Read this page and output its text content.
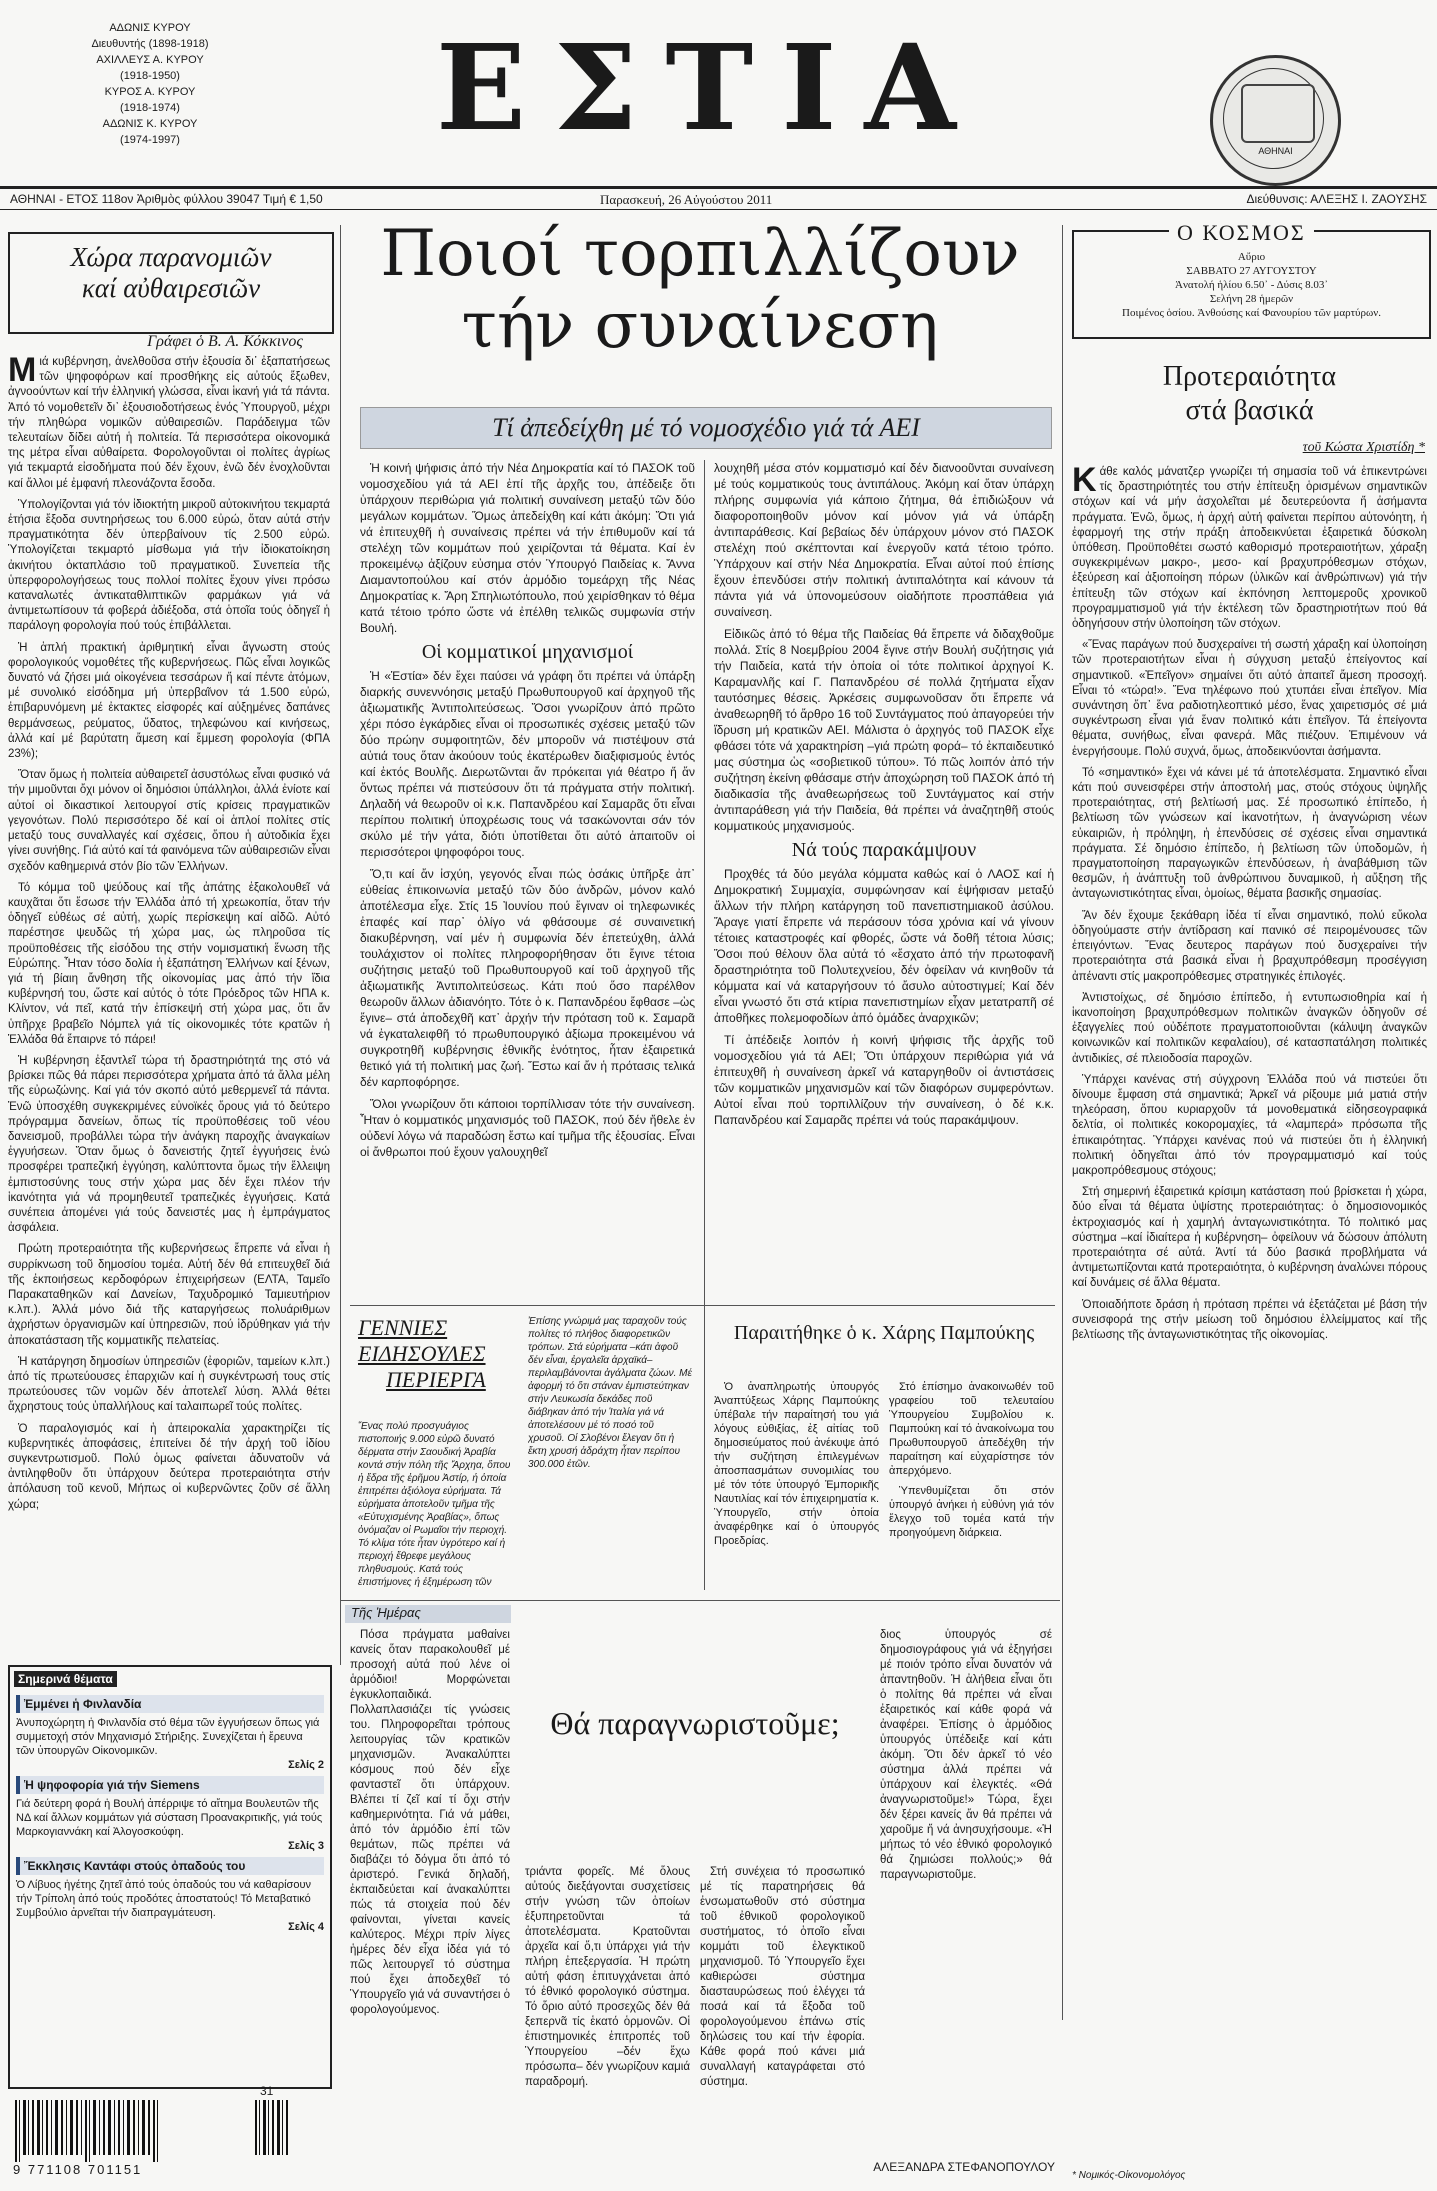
ΑΔΩΝΙΣ ΚΥΡΟΥ
Διευθυντής (1898-1918)
ΑΧΙΛΛΕΥΣ Α. ΚΥΡΟΥ
(1918-1950)
ΚΥΡΟΣ Α. ΚΥΡΟΥ
(1918-1974)
ΑΔΩΝΙΣ Κ. ΚΥΡΟΥ
(1974-1997)	ΕΣΤΙΑ	ΑΘΗΝΑΙ
ΑΘΗΝΑΙ - ΕΤΟΣ 118ον Ἀριθμὸς φύλλου 39047 Τιμή € 1,50	Παρασκευή, 26 Αὐγούστου 2011	Διεύθυνσις: ΑΛΕΞΗΣ Ι. ΖΑΟΥΣΗΣ
Χώρα παρανομιῶν
καί αὐθαιρεσιῶν
Γράφει ὁ Β. Α. Κόκκινος

Μιά κυβέρνηση, ἀνελθοῦσα στήν ἐξουσία δι᾽ ἐξαπατήσεως τῶν ψηφοφόρων καί προσθήκης εἰς αὐτούς ἔξωθεν, ἀγνοούντων καί τήν ἑλληνική γλώσσα, εἶναι ἱκανή γιά τά πάντα. Ἀπό τό νομοθετεῖν δι᾽ ἐξουσιοδοτήσεως ἑνός Ὑπουργοῦ, μέχρι τήν πληθώρα νομικῶν αὐθαιρεσιῶν. Παράδειγμα τῶν τελευταίων δίδει αὐτή ἡ πολιτεία. Τά περισσότερα οἰκονομικά της μέτρα εἶναι αὐθαίρετα. Φορολογοῦνται οἱ πολίτες ἀγρίως γιά τεκμαρτά εἰσοδήματα πού δέν ἔχουν, ἐνῶ δέν ἐνοχλοῦνται καί ἄλλοι μέ ἐμφανή πλεονάζοντα ἔσοδα.

Ὑπολογίζονται γιά τόν ἰδιοκτήτη μικροῦ αὐτοκινήτου τεκμαρτά ἐτήσια ἔξοδα συντηρήσεως του 6.000 εὐρώ, ὅταν αὐτά στήν πραγματικότητα δέν ὑπερβαίνουν τίς 2.500 εὐρώ. Ὑπολογίζεται τεκμαρτό μίσθωμα γιά τήν ἰδιοκατοίκηση ἀκινήτου ὀκταπλάσιο τοῦ πραγματικοῦ. Συνεπεία τῆς ὑπερφορολογήσεως τους πολλοί πολίτες ἔχουν γίνει πρόσω καταναλωτές ἀντικαταθλιπτικῶν φαρμάκων γιά νά ἀντιμετωπίσουν τά φοβερά ἀδιέξοδα, στά ὁποῖα τούς ὁδηγεῖ ἡ παράλογη φορολογία πού τούς ἐπιβάλλεται.

Ἡ ἁπλή πρακτική ἀριθμητική εἶναι ἄγνωστη στούς φορολογικούς νομοθέτες τῆς κυβερνήσεως. Πῶς εἶναι λογικῶς δυνατό νά ζήσει μιά οἰκογένεια τεσσάρων ἤ καί πέντε ἀτόμων, μέ συνολικό εἰσόδημα μή ὑπερβαῖνον τά 1.500 εὐρώ, ἐπιβαρυνόμενη μέ ἐκτακτες εἰσφορές καί αὐξημένες δαπάνες θερμάνσεως, ρεύματος, ὕδατος, τηλεφώνου καί κινήσεως, ἀλλά καί μέ βαρύτατη ἄμεση καί ἔμμεση φορολογία (ΦΠΑ 23%);

Ὅταν ὅμως ἡ πολιτεία αὐθαιρετεῖ ἀσυστόλως εἶναι φυσικό νά τήν μιμοῦνται ὄχι μόνον οἱ δημόσιοι ὑπάλληλοι, ἀλλά ἐνίοτε καί αὐτοί οἱ δικαστικοί λειτουργοί στίς κρίσεις πραγματικῶν γεγονότων. Πολύ περισσότερο δέ καί οἱ ἁπλοί πολίτες στίς μεταξύ τους συναλλαγές καί σχέσεις, ὅπου ἡ αὐτοδικία ἔχει γίνει συνήθης. Γιά αὐτό καί τά φαινόμενα τῶν αὐθαιρεσιῶν εἶναι σχεδόν καθημερινά στόν βίο τῶν Ἑλλήνων.

Τό κόμμα τοῦ ψεύδους καί τῆς ἀπάτης ἐξακολουθεῖ νά καυχᾶται ὅτι ἔσωσε τήν Ἑλλάδα ἀπό τή χρεωκοπία, ὅταν τήν ὁδηγεῖ εὐθέως σέ αὐτή, χωρίς περίσκεψη καί αἰδῶ. Αὐτό παρέστησε ψευδῶς τή χώρα μας, ὡς πληροῦσα τίς προϋποθέσεις τῆς εἰσόδου της στήν νομισματική ἕνωση τῆς Εὐρώπης. Ἦταν τόσο δολία ἡ ἐξαπάτηση Ἑλλήνων καί ξένων, γιά τή βίαιη ἄνθηση τῆς οἰκονομίας μας ἀπό τήν ἴδια κυβέρνησή του, ὥστε καί αὐτός ὁ τότε Πρόεδρος τῶν ΗΠΑ κ. Κλίντον, νά πεῖ, κατά τήν ἐπίσκεψή στή χώρα μας, ὅτι ἄν ὑπῆρχε βραβεῖο Νόμπελ γιά τίς οἰκονομικές τότε κρατῶν ἡ Ἑλλάδα θά ἔπαιρνε τό πάρει!

Ἡ κυβέρνηση ἐξαντλεῖ τώρα τή δραστηριότητά της στό νά βρίσκει πῶς θά πάρει περισσότερα χρήματα ἀπό τά ἄλλα μέλη τῆς εὐρωζώνης. Καί γιά τόν σκοπό αὐτό μεθερμενεῖ τά πάντα. Ἐνῶ ὑποσχέθη συγκεκριμένες εὐνοϊκές ὅρους γιά τό δεύτερο πρόγραμμα δανείων, ὅπως τίς προϋποθέσεις τοῦ νέου δανεισμοῦ, προβάλλει τώρα τήν ἀνάγκη παροχῆς ἀναγκαίων ἐγγυήσεων. Ὅταν ὅμως ὁ δανειστής ζητεῖ ἐγγυήσεις ἐνώ προσφέρει τραπεζική ἐγγύηση, καλύπτοντα ὅμως τήν ἔλλειψη ἐμπιστοσύνης τους στήν χώρα μας δέν ἔχει πλέον τήν ἱκανότητα γιά νά προμηθευτεῖ τραπεζικές ἐγγυήσεις. Κατά συνέπεια ἀπομένει γιά τούς δανειστές μας ἡ ἐμπράγματος ἀσφάλεια.

Πρώτη προτεραιότητα τῆς κυβερνήσεως ἔπρεπε νά εἶναι ἡ συρρίκνωση τοῦ δημοσίου τομέα. Αὐτή δέν θά επιτευχθεῖ διά τῆς ἐκποιήσεως κερδοφόρων ἐπιχειρήσεων (ΕΛΤΑ, Ταμεῖο Παρακαταθηκῶν καί Δανείων, Ταχυδρομικό Ταμιευτήριον κ.λπ.). Ἀλλά μόνο διά τῆς καταργήσεως πολυάριθμων ἀχρήστων ὀργανισμῶν καί ὑπηρεσιῶν, πού ἱδρύθηκαν γιά τήν ἀποκατάσταση τῆς κομματικῆς πελατείας.

Ἡ κατάργηση δημοσίων ὑπηρεσιῶν (ἐφοριῶν, ταμείων κ.λπ.) ἀπό τίς πρωτεύουσες ἐπαρχιῶν καί ἡ συγκέντρωσή τους στίς πρωτεύουσες τῶν νομῶν δέν ἀποτελεῖ λύση. Ἀλλά θέτει ἄχρηστους τούς ὑπαλλήλους καί ταλαιπωρεῖ τούς πολίτες.

Ὁ παραλογισμός καί ἡ ἀπειροκαλία χαρακτηρίζει τίς κυβερνητικές ἀποφάσεις, ἐπιτείνει δέ τήν ἀρχή τοῦ ἰδίου συγκεντρωτισμοῦ. Πολύ ὁμως φαίνεται ἀδυνατοῦν νά ἀντιληφθοῦν ὅτι ὑπάρχουν δεύτερα προτεραιότητα στήν ἀπόλαυση τοῦ κενοῦ, Μήπως οἱ κυβερνῶντες ζοῦν σέ ἄλλη χώρα;

Ποιοί τορπιλλίζουν
τήν συναίνεση
Τί ἀπεδείχθη μέ τό νομοσχέδιο γιά τά ΑΕΙ

Ἡ κοινή ψήφισις ἀπό τήν Νέα Δημοκρατία καί τό ΠΑΣΟΚ τοῦ νομοσχεδίου γιά τά ΑΕΙ ἐπί τῆς ἀρχῆς του, ἀπέδειξε ὅτι ὑπάρχουν περιθώρια γιά πολιτική συναίνεση μεταξύ τῶν δύο μεγάλων κομμάτων. Ὅμως ἀπεδείχθη καί κάτι ἀκόμη: Ὅτι γιά νά ἐπιτευχθῆ ἡ συναίνεσις πρέπει νά τήν ἐπιθυμοῦν καί τά στελέχη τῶν κομμάτων πού χειρίζονται τά θέματα. Καί ἐν προκειμένῳ ἀξίζουν εὐσημα στόν Ὑπουργό Παιδείας κ. Ἄννα Διαμαντοπούλου καί στόν ἁρμόδιο τομεάρχη τῆς Νέας Δημοκρατίας κ. Ἄρη Σπηλιωτόπουλο, πού χειρίσθηκαν τό θέμα κατά τέτοιο τρόπο ὥστε νά ἐπέλθη τελικῶς συμφωνία στήν Βουλή.

Οἱ κομματικοί μηχανισμοί

Ἡ «Ἑστία» δέν ἔχει παύσει νά γράφη ὅτι πρέπει νά ὑπάρξη διαρκής συνεννόησις μεταξύ Πρωθυπουργοῦ καί ἀρχηγοῦ τῆς ἀξιωματικῆς Ἀντιπολιτεύσεως. Ὅσοι γνωρίζουν ἀπό πρῶτο χέρι πόσο ἐγκάρδιες εἶναι οἱ προσωπικές σχέσεις μεταξύ τῶν δύο πρώην συμφοιτητῶν, δέν μποροῦν νά πιστέψουν στά αὐτιά τους ὅταν ἀκούουν τούς ἐκατέρωθεν διαξιφισμούς ἐντός καί ἐκτός Βουλῆς. Διερωτῶνται ἄν πρόκειται γιά θέατρο ἤ ἄν ὄντως πρέπει νά πιστεύσουν ὅτι τά πράγματα στήν πολιτική. Δηλαδή νά θεωροῦν οἱ κ.κ. Παπανδρέου καί Σαμαρᾶς ὅτι εἶναι περίπου πολιτική ὑποχρέωσις τους νά τσακώνονται σάν τόν σκύλο μέ τήν γάτα, διότι ὑποτίθεται ὅτι αὐτό ἀπαιτοῦν οἱ περισσότεροι ψηφοφόροι τους.

Ὅ,τι καί ἄν ἰσχύη, γεγονός εἶναι πώς ὁσάκις ὑπῆρξε ἀπ᾽ εὐθείας ἐπικοινωνία μεταξύ τῶν δύο ἀνδρῶν, μόνον καλό ἀποτέλεσμα εἶχε. Στίς 15 Ἰουνίου πού ἔγιναν οἱ τηλεφωνικές ἐπαφές καί παρ᾽ ὀλίγο νά φθάσουμε σέ συναινετική διακυβέρνηση, ναί μέν ἡ συμφωνία δέν ἐπετεύχθη, ἀλλά τουλάχιστον οἱ πολίτες πληροφορήθησαν ὅτι ἔγινε τέτοια συζήτησις μεταξύ τοῦ Πρωθυπουργοῦ καί τοῦ ἀρχηγοῦ τῆς ἀξιωματικῆς Ἀντιπολιτεύσεως. Κάτι πού ὅσο παρέλθον θεωροῦν ἄλλων ἀδιανόητο. Τότε ὁ κ. Παπανδρέου ἔφθασε –ὡς ἔγινε– στά ἀποδεχθῆ κατ᾽ ἀρχήν τήν πρόταση τοῦ κ. Σαμαρᾶ νά ἐγκαταλειφθῆ τό πρωθυπουργικό ἀξίωμα προκειμένου νά συγκροτηθῆ κυβέρνησις ἐθνικῆς ἑνότητος, ἦταν ἐξαιρετικά θετικό γιά τή πολιτική μας ζωή. Ἔστω καί ἄν ἡ πρότασις τελικά δέν καρποφόρησε.

Ὅλοι γνωρίζουν ὅτι κάποιοι τορπίλλισαν τότε τήν συναίνεση. Ἦταν ὁ κομματικός μηχανισμός τοῦ ΠΑΣΟΚ, πού δέν ἤθελε ἐν οὐδενί λόγω νά παραδώση ἔστω καί τμῆμα τῆς ἐξουσίας. Εἶναι οἱ ἄνθρωποι πού ἔχουν γαλουχηθεῖ

λουχηθῆ μέσα στόν κομματισμό καί δέν διανοοῦνται συναίνεση μέ τούς κομματικούς τους ἀντιπάλους. Ἀκόμη καί ὅταν ὑπάρχη πλήρης συμφωνία γιά κάποιο ζήτημα, θά ἐπιδιώξουν νά διαφοροποιηθοῦν μόνον καί μόνον γιά νά ὑπάρξη ἀντιπαράθεσις. Καί βεβαίως δέν ὑπάρχουν μόνον στό ΠΑΣΟΚ στελέχη πού σκέπτονται καί ἐνεργοῦν κατά τέτοιο τρόπο. Ὑπάρχουν καί στήν Νέα Δημοκρατία. Εἶναι αὐτοί πού ἐπίσης ἔχουν ἐπενδύσει στήν πολιτική ἀντιπαλότητα καί κάνουν τά πάντα γιά νά ὑπονομεύσουν οἱαδήποτε προσπάθεια γιά συναίνεση.

Εἰδικῶς ἀπό τό θέμα τῆς Παιδείας θά ἔπρεπε νά διδαχθοῦμε πολλά. Στίς 8 Νοεμβρίου 2004 ἔγινε στήν Βουλή συζήτησις γιά τήν Παιδεία, κατά τήν ὁποία οἱ τότε πολιτικοί ἀρχηγοί Κ. Καραμανλῆς καί Γ. Παπανδρέου σέ πολλά ζητήματα εἶχαν ταυτόσημες θέσεις. Ἀρκέσεις συμφωνοῦσαν ὅτι ἔπρεπε νά ἀναθεωρηθῆ τό ἄρθρο 16 τοῦ Συντάγματος πού ἀπαγορεύει τήν ἵδρυση μή κρατικῶν ΑΕΙ. Μάλιστα ὁ ἀρχηγός τοῦ ΠΑΣΟΚ εἶχε φθάσει τότε νά χαρακτηρίση –γιά πρώτη φορά– τό ἐκπαιδευτικό μας σύστημα ὡς «σοβιετικοῦ τύπου». Τό πῶς λοιπόν ἀπό τήν συζήτηση ἐκείνη φθάσαμε στήν ἀποχώρηση τοῦ ΠΑΣΟΚ ἀπό τή διαδικασία τῆς ἀναθεωρήσεως τοῦ Συντάγματος καί στήν ἀντιπαράθεση γιά τήν Παιδεία, θά πρέπει νά ἀναζητηθῆ στούς κομματικούς μηχανισμούς.

Νά τούς παρακάμψουν

Προχθές τά δύο μεγάλα κόμματα καθώς καί ὁ ΛΑΟΣ καί ἡ Δημοκρατική Συμμαχία, συμφώνησαν καί ἐψήφισαν μεταξύ ἄλλων τήν πλήρη κατάργηση τοῦ πανεπιστημιακοῦ ἀσύλου. Ἄραγε γιατί ἔπρεπε νά περάσουν τόσα χρόνια καί νά γίνουν τέτοιες καταστροφές καί φθορές, ὥστε νά δοθῆ τέτοια λύσις; Ὅσοι πού θέλουν ὅλα αὐτά τό «ἔσχατο ἀπό τήν πρωτοφανῆ δραστηριότητα τοῦ Πολυτεχνείου, δέν ὀφείλαν νά κινηθοῦν τά κόμματα καί νά καταργήσουν τό ἄσυλο αὐτοστιγμεί; Καί δέν εἶναι γνωστό ὅτι στά κτίρια πανεπιστημίων εἶχαν μετατραπῆ σέ ἀποθῆκες πολεμοφοδίων ἀπό ὁμάδες ἀναρχικῶν;

Τί ἀπέδειξε λοιπόν ἡ κοινή ψήφισις τῆς ἀρχῆς τοῦ νομοσχεδίου γιά τά ΑΕΙ; Ὅτι ὑπάρχουν περιθώρια γιά νά ἐπιτευχθῆ ἡ συναίνεση ἀρκεῖ νά καταργηθοῦν οἱ ἀντιστάσεις τῶν κομματικῶν μηχανισμῶν καί τῶν διαφόρων συμφερόντων. Αὐτοί εἶναι πού τορπιλλίζουν τήν συναίνεση, ὁ δέ κ.κ. Παπανδρέου καί Σαμαρᾶς πρέπει νά τούς παρακάμψουν.

Ο ΚΟΣΜΟΣ
Αὔριο
ΣΑΒΒΑΤΟ 27 ΑΥΓΟΥΣΤΟΥ
Ἀνατολή ἡλίου 6.50᾽ - Δύσις 8.03᾽
Σελήνη 28 ἡμερῶν
Ποιμένος ὁσίου. Ἀνθούσης καί Φανουρίου τῶν μαρτύρων.
Προτεραιότητα
στά βασικά
τοῦ Κώστα Χριστίδη *

Κάθε καλός μάνατζερ γνωρίζει τή σημασία τοῦ νά ἐπικεντρώνει τίς δραστηριότητές του στήν ἐπίτευξη ὁρισμένων σημαντικῶν στόχων καί νά μήν ἀσχολεῖται μέ δευτερεύοντα ἤ ἀσήμαντα πράγματα. Ἐνῶ, ὅμως, ἡ ἀρχή αὐτή φαίνεται περίπου αὐτονόητη, ἡ ἐφαρμογή της στήν πράξη ἀποδεικνύεται ἐξαιρετικά δύσκολη ὑπόθεση. Προϋποθέτει σωστό καθορισμό προτεραιοτήτων, χάραξη συγκεκριμένων μακρο-, μεσο- καί βραχυπρόθεσμων στόχων, ἐξεύρεση καί ἀξιοποίηση πόρων (ὑλικῶν καί ἀνθρώπινων) γιά τήν ἐπίτευξη τῶν στόχων καί ἐκπόνηση λεπτομεροῦς χρονικοῦ προγραμματισμοῦ γιά τήν ἐκτέλεση τῶν δραστηριοτήτων πού θά ὁδηγήσουν στήν ὑλοποίηση τῶν στόχων.

«Ἕνας παράγων πού δυσχεραίνει τή σωστή χάραξη καί ὑλοποίηση τῶν προτεραιοτήτων εἶναι ἡ σύγχυση μεταξύ ἐπείγοντος καί σημαντικοῦ. «Ἐπεῖγον» σημαίνει ὅτι αὐτό ἀπαιτεῖ ἄμεση προσοχή. Εἶναι τό «τώρα!». Ἕνα τηλέφωνο πού χτυπάει εἶναι ἐπεῖγον. Μία συνάντηση ὅπ᾽ ἕνα ραδιοτηλεοπτικό μέσο, ἕνας χαιρετισμός σέ μιά συγκέντρωση εἶναι γιά ἕναν πολιτικό κάτι ἐπεῖγον. Τά ἐπείγοντα θέματα, συνήθως, εἶναι φανερά. Μᾶς πιέζουν. Ἐπιμένουν νά ἐνεργήσουμε. Πολύ συχνά, ὅμως, ἀποδεικνύονται ἀσήμαντα.

Τό «σημαντικό» ἔχει νά κάνει μέ τά ἀποτελέσματα. Σημαντικό εἶναι κάτι πού συνεισφέρει στήν ἀποστολή μας, στούς στόχους ὑψηλῆς προτεραιότητας, στή βελτίωσή μας. Σέ προσωπικό ἐπίπεδο, ἡ βελτίωση τῶν γνώσεων καί ἱκανοτήτων, ἡ ἀναγνώριση νέων εὐκαιριῶν, ἡ πρόληψη, ἡ ἐπενδύσεις σέ σχέσεις εἶναι σημαντικά πράγματα. Σέ δημόσιο ἐπίπεδο, ἡ βελτίωση τῶν ὑποδομῶν, ἡ πραγματοποίηση παραγωγικῶν ἐπενδύσεων, ἡ ἀναβάθμιση τῶν θεσμῶν, ἡ ἀνάπτυξη τοῦ ἀνθρώπινου δυναμικοῦ, ἡ αὔξηση τῆς ἀνταγωνιστικότητας εἶναι, ὁμοίως, θέματα βασικῆς σημασίας.

Ἄν δέν ἔχουμε ξεκάθαρη ἰδέα τί εἶναι σημαντικό, πολύ εὔκολα ὁδηγούμαστε στήν ἀντίδραση καί πανικό σέ πειρομένουσες τῶν ἐπειγόντων. Ἔνας δευτερος παράγων πού δυσχεραίνει τήν προτεραιότητα στά βασικά εἶναι ἡ βραχυπρόθεσμη προσέγγιση ἀπέναντι στίς μακροπρόθεσμες στρατηγικές ἐπιλογές.

Ἀντιστοίχως, σέ δημόσιο ἐπίπεδο, ἡ εντυπωσιοθηρία καί ἡ ἱκανοποίηση βραχυπρόθεσμων πολιτικῶν ἀναγκῶν ὁδηγοῦν σέ ἐξαγγελίες πού οὐδέποτε πραγματοποιοῦνται (κάλυψη ἀναγκῶν κοινωνικῶν καί πολιτικῶν κεφαλαίου), σέ κατασπατάληση πολιτικές ἀντιδικίες, σέ πλειοδοσία παροχῶν.

Ὑπάρχει κανένας στή σύγχρονη Ἑλλάδα πού νά πιστεύει ὅτι δίνουμε ἔμφαση στά σημαντικά; Ἀρκεῖ νά ρίξουμε μιά ματιά στήν τηλεόραση, ὅπου κυριαρχοῦν τά μονοθεματικά εἰδησεογραφικά δελτία, οἱ πολιτικές κοκορομαχίες, τά «λαμπερά» πρόσωπα τῆς ἐπικαιρότητας. Ὑπάρχει κανένας πού νά πιστεύει ὅτι ἡ ἑλληνική πολιτική ὁδηγεῖται ἀπό τόν προγραμματισμό καί τούς μακροπρόθεσμους στόχους;

Στή σημερινή ἐξαιρετικά κρίσιμη κατάσταση πού βρίσκεται ἡ χώρα, δύο εἶναι τά θέματα ὑψίστης προτεραιότητας: ὁ δημοσιονομικός ἐκτροχιασμός καί ἡ χαμηλή ἀνταγωνιστικότητα. Τό πολιτικό μας σύστημα –καί ἰδιαίτερα ἡ κυβέρνηση– ὀφείλουν νά δώσουν ἀπόλυτη προτεραιότητα σέ αὐτά. Ἀντί τά δύο βασικά προβλήματα νά ἀντιμετωπίζονται κατά προτεραιότητα, ὁ κυβέρνηση ἀναλώνει πόρους καί δυνάμεις σέ ἄλλα θέματα.

Ὁποιαδήποτε δράση ἡ πρόταση πρέπει νά ἐξετάζεται μέ βάση τήν συνεισφορά της στήν μείωση τοῦ δημόσιου ἐλλείμματος καί τῆς βελτίωσης τῆς ἀνταγωνιστικότητας τῆς οἰκονομίας.

* Νομικός-Οἰκονομολόγος
ΓΕΝΝΙΕΣ
ΕΙΔΗΣΟΥΛΕΣ
ΠΕΡΙΕΡΓΑ
Ἕνας πολύ προσγυάγιος πιστοποιής 9.000 εὐρῶ δυνατό δέρματα στήν Σαουδική Ἀραβία κοντά στήν πόλη τῆς Ἄρχηα, ὅπου ἡ ἕδρα τῆς ἐρῆμου Ἀστίρ, ἡ ὁποία ἐπιτρέπει ἀξιόλογα εὑρήματα. Τά εὑρήματα ἀποτελοῦν τμῆμα τῆς «Εὐτυχισμένης Ἀραβίας», ὅπως ὀνόμαζαν οἱ Ρωμαῖοι τήν περιοχή. Τό κλίμα τότε ἦταν ὑγρότερο καί ἡ περιοχή ἔθρεφε μεγάλους πληθυσμούς. Κατά τούς ἐπιστήμονες ἡ ἐξημέρωση τῶν
Ἐπίσης γνώριμά μας ταραχοῦν τούς πολίτες τό πλήθος διαφορετικῶν τρόπων. Στά εὑρήματα –κάτι ἀφοῦ δέν εἶναι, ἐργαλεῖα ἀρχαϊκά– περιλαμβάνονται ἀγάλματα ζώων. Μέ ἀφορμή τό ὅτι στάναν ἐμπιστεύτηκαν στήν Λευκωσία δεκάδες ποῦ διάβηκαν ἀπό τήν Ἱταλία γιά νά ἀποτελέσουν μέ τό ποσό τοῦ χρυσοῦ. Οἱ Σλοβένοι ἔλεγαν ὅτι ἡ ἔκτη χρυσή ἀδράχτη ἦταν περίπου 300.000 ἐτῶν.
Παραιτήθηκε ὁ κ. Χάρης Παμπούκης

Ὁ ἀναπληρωτής ὑπουργός Ἀναπτύξεως Χάρης Παμπούκης ὑπέβαλε τήν παραίτησή του γιά λόγους εὐθιξίας, ἐξ αἰτίας τοῦ δημοσιεύματος πού ἀνέκυψε ἀπό τήν συζήτηση ἐπιλεγμένων ἀποσπασμάτων συνομιλίας του μέ τόν τότε ὑπουργό Ἐμπορικῆς Ναυτιλίας καί τόν ἐπιχειρηματία κ. Ὑπουργεῖο, στήν ὁποία ἀναφέρθηκε καί ὁ ὑπουργός Προεδρίας.

Στό ἐπίσημο ἀνακοινωθέν τοῦ γραφείου τοῦ τελευταίου Ὑπουργείου Συμβολίου κ. Παμπούκη καί τό ἀνακοίνωμα του Πρωθυπουργοῦ ἀπεδέχθη τήν παραίτηση καί εὐχαρίστησε τόν ἀπερχόμενο.

Ὑπενθυμίζεται ὅτι στόν ὑπουργό ἀνήκει ἡ εὐθύνη γιά τόν ἔλεγχο τοῦ τομέα κατά τήν προηγούμενη διάρκεια.

Σημερινά θέματα
Ἐμμένει ἡ Φινλανδία
Ἀνυποχώρητη ἡ Φινλανδία στό θέμα τῶν ἐγγυήσεων ὅπως γιά συμμετοχή στόν Μηχανισμό Στήριξης. Συνεχίζεται ἡ ἔρευνα τῶν ὑπουργῶν Οἰκονομικῶν.
Σελίς 2
Ἡ ψηφοφορία γιά τήν Siemens
Γιά δεύτερη φορά ἡ Βουλή ἀπέρριψε τό αἴτημα Βουλευτῶν τῆς ΝΔ καί ἄλλων κομμάτων γιά σύσταση Προανακριτικῆς, γιά τούς Μαρκογιαννάκη καί Ἀλογοσκούφη.
Σελίς 3
Ἔκκλησις Καντάφι στούς ὀπαδούς του
Ὁ Λίβυος ἡγέτης ζητεῖ ἀπό τούς ὀπαδούς του νά καθαρίσουν τήν Τρίπολη ἀπό τούς προδότες ἀποστατούς! Τό Μεταβατικό Συμβούλιο ἀρνεῖται τήν διαπραγμάτευση.
Σελίς 4
9 771108 701151
31
Τῆς Ἡμέρας
Θά παραγνωριστοῦμε;

Πόσα πράγματα μαθαίνει κανείς ὅταν παρακολουθεῖ μέ προσοχή αὐτά πού λένε οἱ ἁρμόδιοι! Μορφώνεται ἐγκυκλοπαιδικά. Πολλαπλασιάζει τίς γνώσεις του. Πληροφορεῖται τρόπους λειτουργίας τῶν κρατικῶν μηχανισμῶν. Ἀνακαλύπτει κόσμους πού δέν εἶχε φανταστεῖ ὅτι ὑπάρχουν. Βλέπει τί ζεῖ καί τί ὄχι στήν καθημερινότητα. Γιά νά μάθει, ἀπό τόν ἁρμόδιο ἐπί τῶν θεμάτων, πῶς πρέπει νά διαβάζει τό δόγμα ὅτι ἀπό τό ἀριστερό. Γενικά δηλαδή, ἐκπαιδεύεται καί ἀνακαλύπτει πώς τά στοιχεία πού δέν φαίνονται, γίνεται κανείς καλύτερος. Μέχρι πρίν λίγες ἡμέρες δέν εἶχα ἰδέα γιά τό πῶς λειτουργεῖ τό σύστημα πού ἔχει ἀποδεχθεῖ τό Ὑπουργεῖο γιά νά συναντήσει ὁ φορολογούμενος.

τριάντα φορεῖς. Μέ ὅλους αὐτούς διεξάγονται συσχετίσεις στήν γνώση τῶν ὁποίων ἐξυπηρετοῦνται τά ἀποτελέσματα. Κρατοῦνται ἀρχεῖα καί ὅ,τι ὑπάρχει γιά τήν πλήρη ἐπεξεργασία. Ἡ πρώτη αὐτή φάση ἐπιτυγχάνεται ἀπό τό ἐθνικό φορολογικό σύστημα. Τό ὅριο αὐτό προσεχῶς δέν θά ξεπερνᾶ τίς ἑκατό ὁρμονῶν. Οἱ ἐπιστημονικές ἐπιτροπές τοῦ Ὑπουργείου –δέν ἔχω πρόσωπα– δέν γνωρίζουν καμιά παραδρομή.

Στή συνέχεια τό προσωπικό μέ τίς παρατηρήσεις θά ἐνσωματωθοῦν στό σύστημα τοῦ ἐθνικοῦ φορολογικοῦ συστήματος, τό ὁποῖο εἶναι κομμάτι τοῦ ἐλεγκτικοῦ μηχανισμοῦ. Τό Ὑπουργεῖο ἔχει καθιερώσει σύστημα διασταυρώσεως πού ἐλέγχει τά ποσά καί τά ἔξοδα τοῦ φορολογούμενου ἐπάνω στίς δηλώσεις του καί τήν ἐφορία. Κάθε φορά πού κάνει μιά συναλλαγή καταγράφεται στό σύστημα.

διος ὑπουργός σέ δημοσιογράφους γιά νά ἐξηγήσει μέ ποιόν τρόπο εἶναι δυνατόν νά ἀπαντηθοῦν. Ἡ ἀλήθεια εἶναι ὅτι ὁ πολίτης θά πρέπει νά εἶναι ἐξαιρετικός καί κάθε φορά νά ἀναφέρει. Ἐπίσης ὁ ἁρμόδιος ὑπουργός ὑπέδειξε καί κάτι ἀκόμη. Ὅτι δέν ἀρκεῖ τό νέο σύστημα ἀλλά πρέπει νά ὑπάρχουν καί ἐλεγκτές. «Θά ἀναγνωριστοῦμε!» Τώρα, ἔχει δέν ξέρει κανείς ἄν θά πρέπει νά χαροῦμε ἤ νά ἀνησυχήσουμε. «Ἡ μήπως τό νέο ἐθνικό φορολογικό θά ζημιώσει πολλούς;» θά παραγνωριστοῦμε.

ΑΛΕΞΑΝΔΡΑ ΣΤΕΦΑΝΟΠΟΥΛΟΥ
